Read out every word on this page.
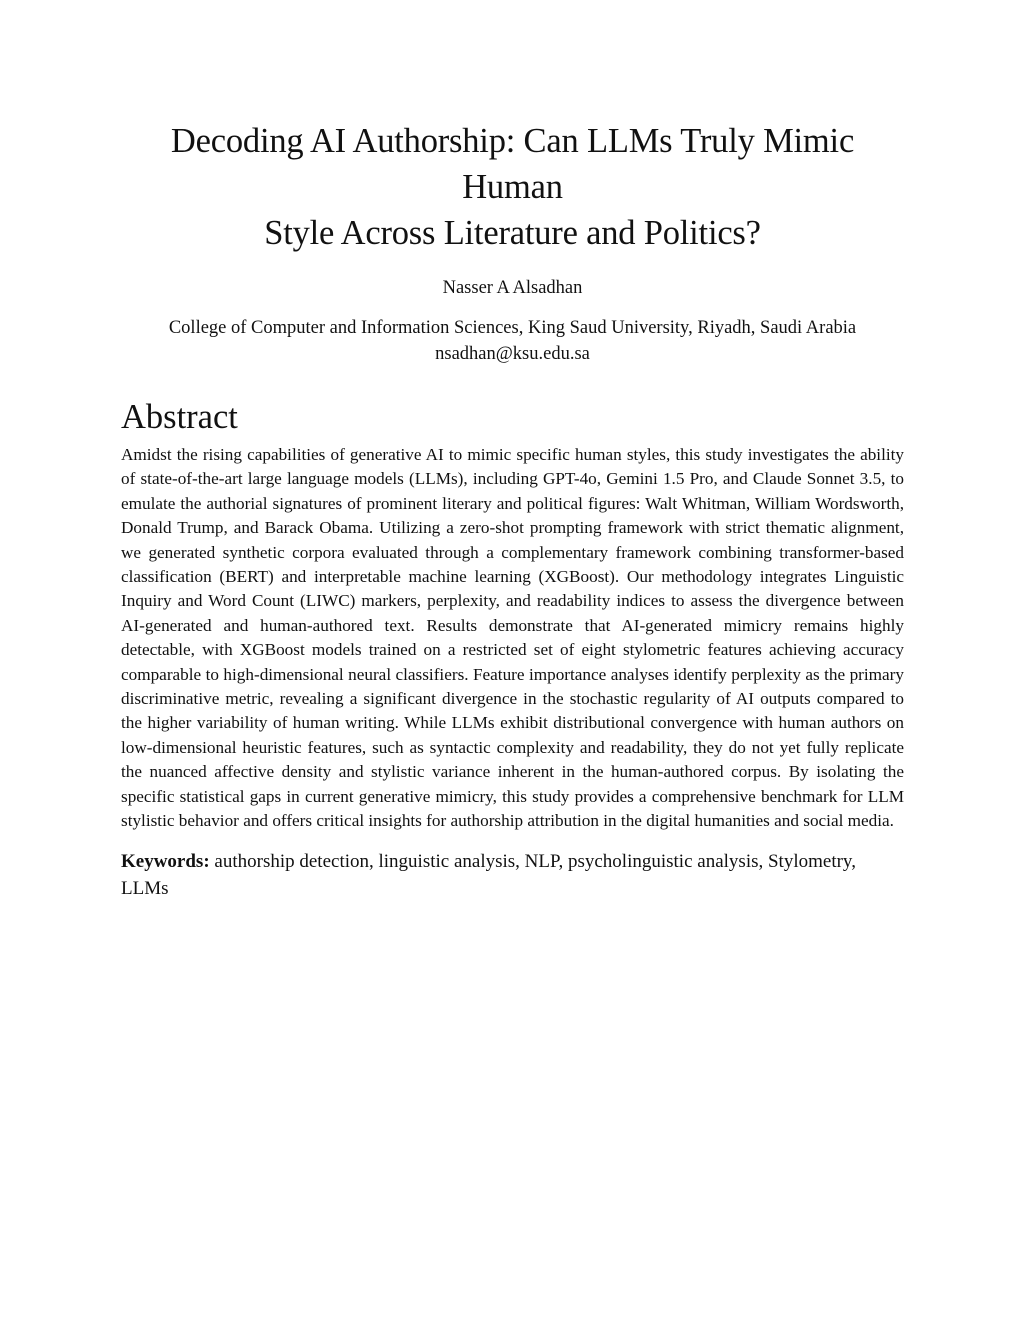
Decoding AI Authorship: Can LLMs Truly Mimic Human
Style Across Literature and Politics?

Nasser A Alsadhan

College of Computer and Information Sciences, King Saud University, Riyadh, Saudi Arabia
nsadhan@ksu.edu.sa

Abstract

Amidst the rising capabilities of generative AI to mimic specific human styles, this study investigates the ability of state-of-the-art large language models (LLMs), including GPT-4o, Gemini 1.5 Pro, and Claude Sonnet 3.5, to emulate the authorial signatures of prominent literary and political figures: Walt Whitman, William Wordsworth, Donald Trump, and Barack Obama. Utilizing a zero-shot prompting framework with strict thematic alignment, we generated synthetic corpora evaluated through a complementary framework combining transformer-based classification (BERT) and interpretable machine learning (XGBoost). Our methodology integrates Linguistic Inquiry and Word Count (LIWC) markers, perplexity, and readability indices to assess the divergence between AI-generated and human-authored text. Results demonstrate that AI-generated mimicry remains highly detectable, with XGBoost models trained on a restricted set of eight stylometric features achieving accuracy comparable to high-dimensional neural classifiers. Feature importance analyses identify perplexity as the primary discriminative metric, revealing a significant divergence in the stochastic regularity of AI outputs compared to the higher variability of human writing. While LLMs exhibit distributional convergence with human authors on low-dimensional heuristic features, such as syntactic complexity and readability, they do not yet fully replicate the nuanced affective density and stylistic variance inherent in the human-authored corpus. By isolating the specific statistical gaps in current generative mimicry, this study provides a comprehensive benchmark for LLM stylistic behavior and offers critical insights for authorship attribution in the digital humanities and social media.

Keywords: authorship detection, linguistic analysis, NLP, psycholinguistic analysis, Stylometry, LLMs
